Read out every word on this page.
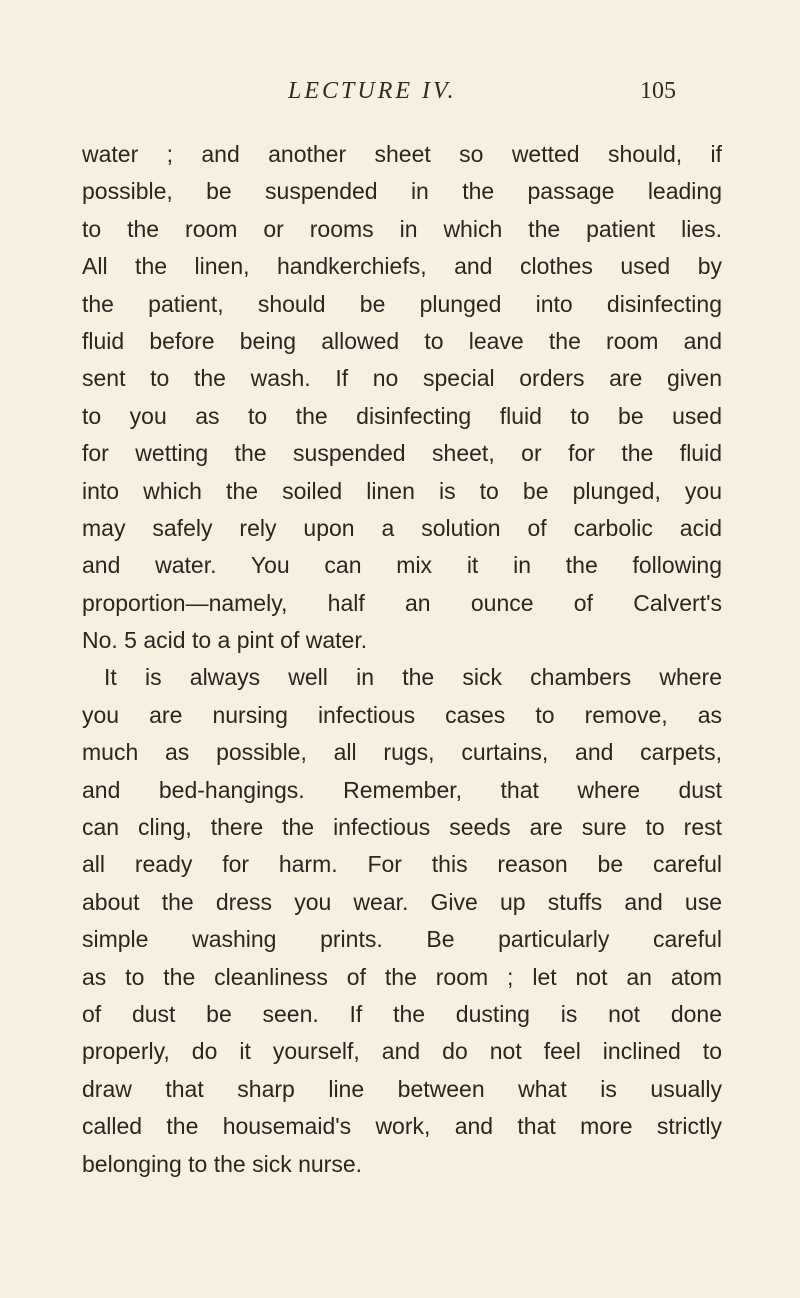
LECTURE IV.	105
water ; and another sheet so wetted should, if
possible, be suspended in the passage leading
to the room or rooms in which the patient lies.
All the linen, handkerchiefs, and clothes used by
the patient, should be plunged into disinfecting
fluid before being allowed to leave the room and
sent to the wash. If no special orders are given
to you as to the disinfecting fluid to be used
for wetting the suspended sheet, or for the fluid
into which the soiled linen is to be plunged, you
may safely rely upon a solution of carbolic acid
and water. You can mix it in the following
proportion—namely, half an ounce of Calvert's
No. 5 acid to a pint of water.
It is always well in the sick chambers where
you are nursing infectious cases to remove, as
much as possible, all rugs, curtains, and carpets,
and bed-hangings. Remember, that where dust
can cling, there the infectious seeds are sure to rest
all ready for harm. For this reason be careful
about the dress you wear. Give up stuffs and use
simple washing prints. Be particularly careful
as to the cleanliness of the room ; let not an atom
of dust be seen. If the dusting is not done
properly, do it yourself, and do not feel inclined to
draw that sharp line between what is usually
called the housemaid's work, and that more strictly
belonging to the sick nurse.
